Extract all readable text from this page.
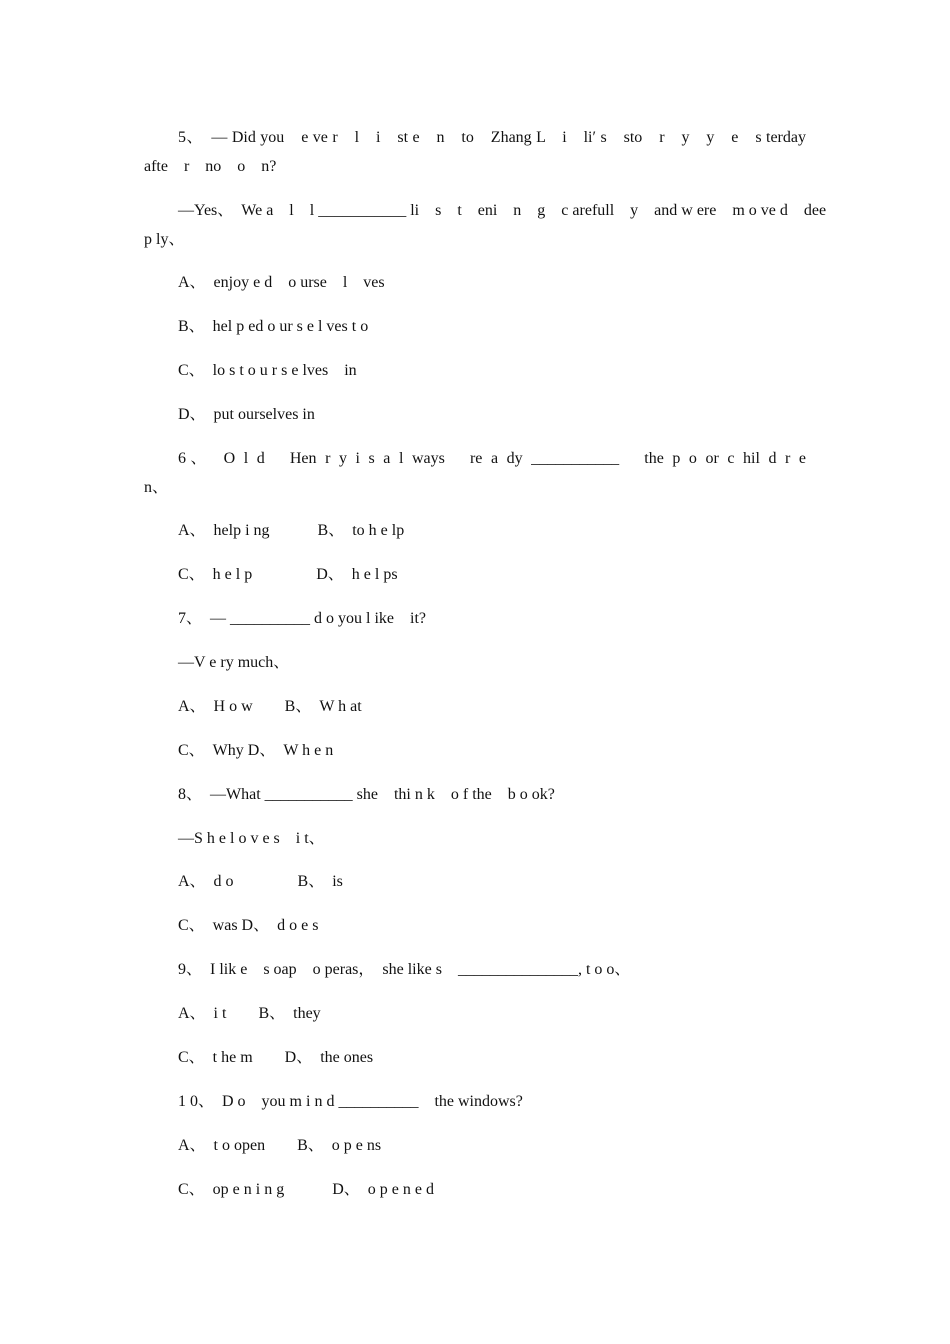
5、　— Did you　e ve r　l　i　st e　n　to　Zhang L　i　li′ s　sto　r　y　y　e　s terday
afte　r　no　o　n?
—Yes、　We a　l　l ___________ li　s　t　eni　n　g　c arefull　y　and w ere　m o ve d　dee
p ly、
A、　enjoy e d　o urse　l　ves
B、　hel p ed o ur s e l ves t o
C、　lo s t o u r s e lves　in
D、　put ourselves in
6、　O l d　Hen r y i s a l ways　re a dy ___________　the p o or c hil d r e
n、
A、　help i ng　　　B、　to h e lp
C、　h e l p　　　　D、　h e l ps
7、　— __________ d o you l ike　it?
—V e ry much、
A、　H o w　　B、　W h at
C、　Why D、　W h e n
8、　—What ___________ she　thi n k　o f the　b o ok?
—S h e l o v e s　i t、
A、　d o　　　　B、　is
C、　was D、　d o e s
9、　I lik e　s oap　o peras，　she like s　_______________, t o o、
A、　i t　　B、　they
C、　t he m　　D、　the ones
1 0、　D o　you m i n d __________　the windows?
A、　t o open　　B、　o p e ns
C、　op e n i n g　　　D、　o p e n e d
